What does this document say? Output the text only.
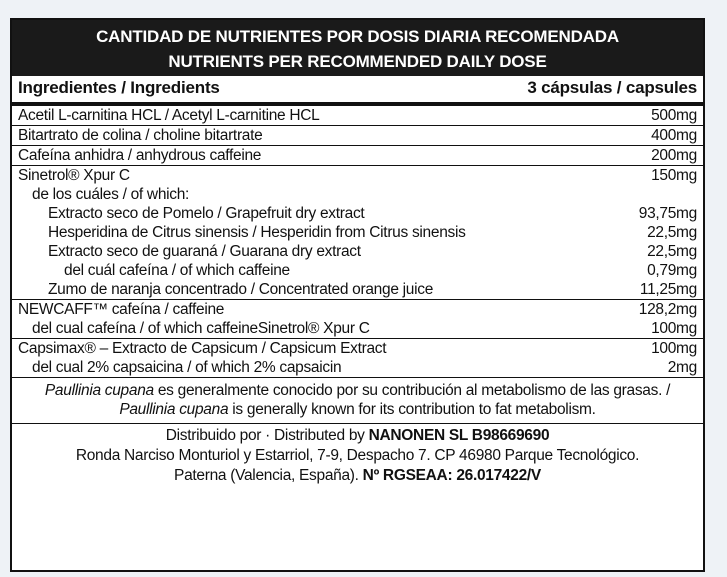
CANTIDAD DE NUTRIENTES POR DOSIS DIARIA RECOMENDADA
NUTRIENTS PER RECOMMENDED DAILY DOSE
Ingredientes / Ingredients	3 cápsulas / capsules
Acetil L-carnitina HCL / Acetyl L-carnitine HCL	500mg
Bitartrato de colina / choline bitartrate	400mg
Cafeína anhidra / anhydrous caffeine	200mg
Sinetrol® Xpur C	150mg
de los cuáles / of which:
Extracto seco de Pomelo / Grapefruit dry extract	93,75mg
Hesperidina de Citrus sinensis / Hesperidin from Citrus sinensis	22,5mg
Extracto seco de guaraná / Guarana dry extract	22,5mg
del cuál cafeína / of which caffeine	0,79mg
Zumo de naranja concentrado / Concentrated orange juice	11,25mg
NEWCAFF™ cafeína / caffeine	128,2mg
del cual cafeína / of which caffeineSinetrol® Xpur C	100mg
Capsimax® – Extracto de Capsicum / Capsicum Extract	100mg
del cual 2% capsaicina / of which 2% capsaicin	2mg
Paullinia cupana es generalmente conocido por su contribución al metabolismo de las grasas. / Paullinia cupana is generally known for its contribution to fat metabolism.
Distribuido por · Distributed by NANONEN SL B98669690
Ronda Narciso Monturiol y Estarriol, 7-9, Despacho 7. CP 46980 Parque Tecnológico.
Paterna (Valencia, España). Nº RGSEAA: 26.017422/V
